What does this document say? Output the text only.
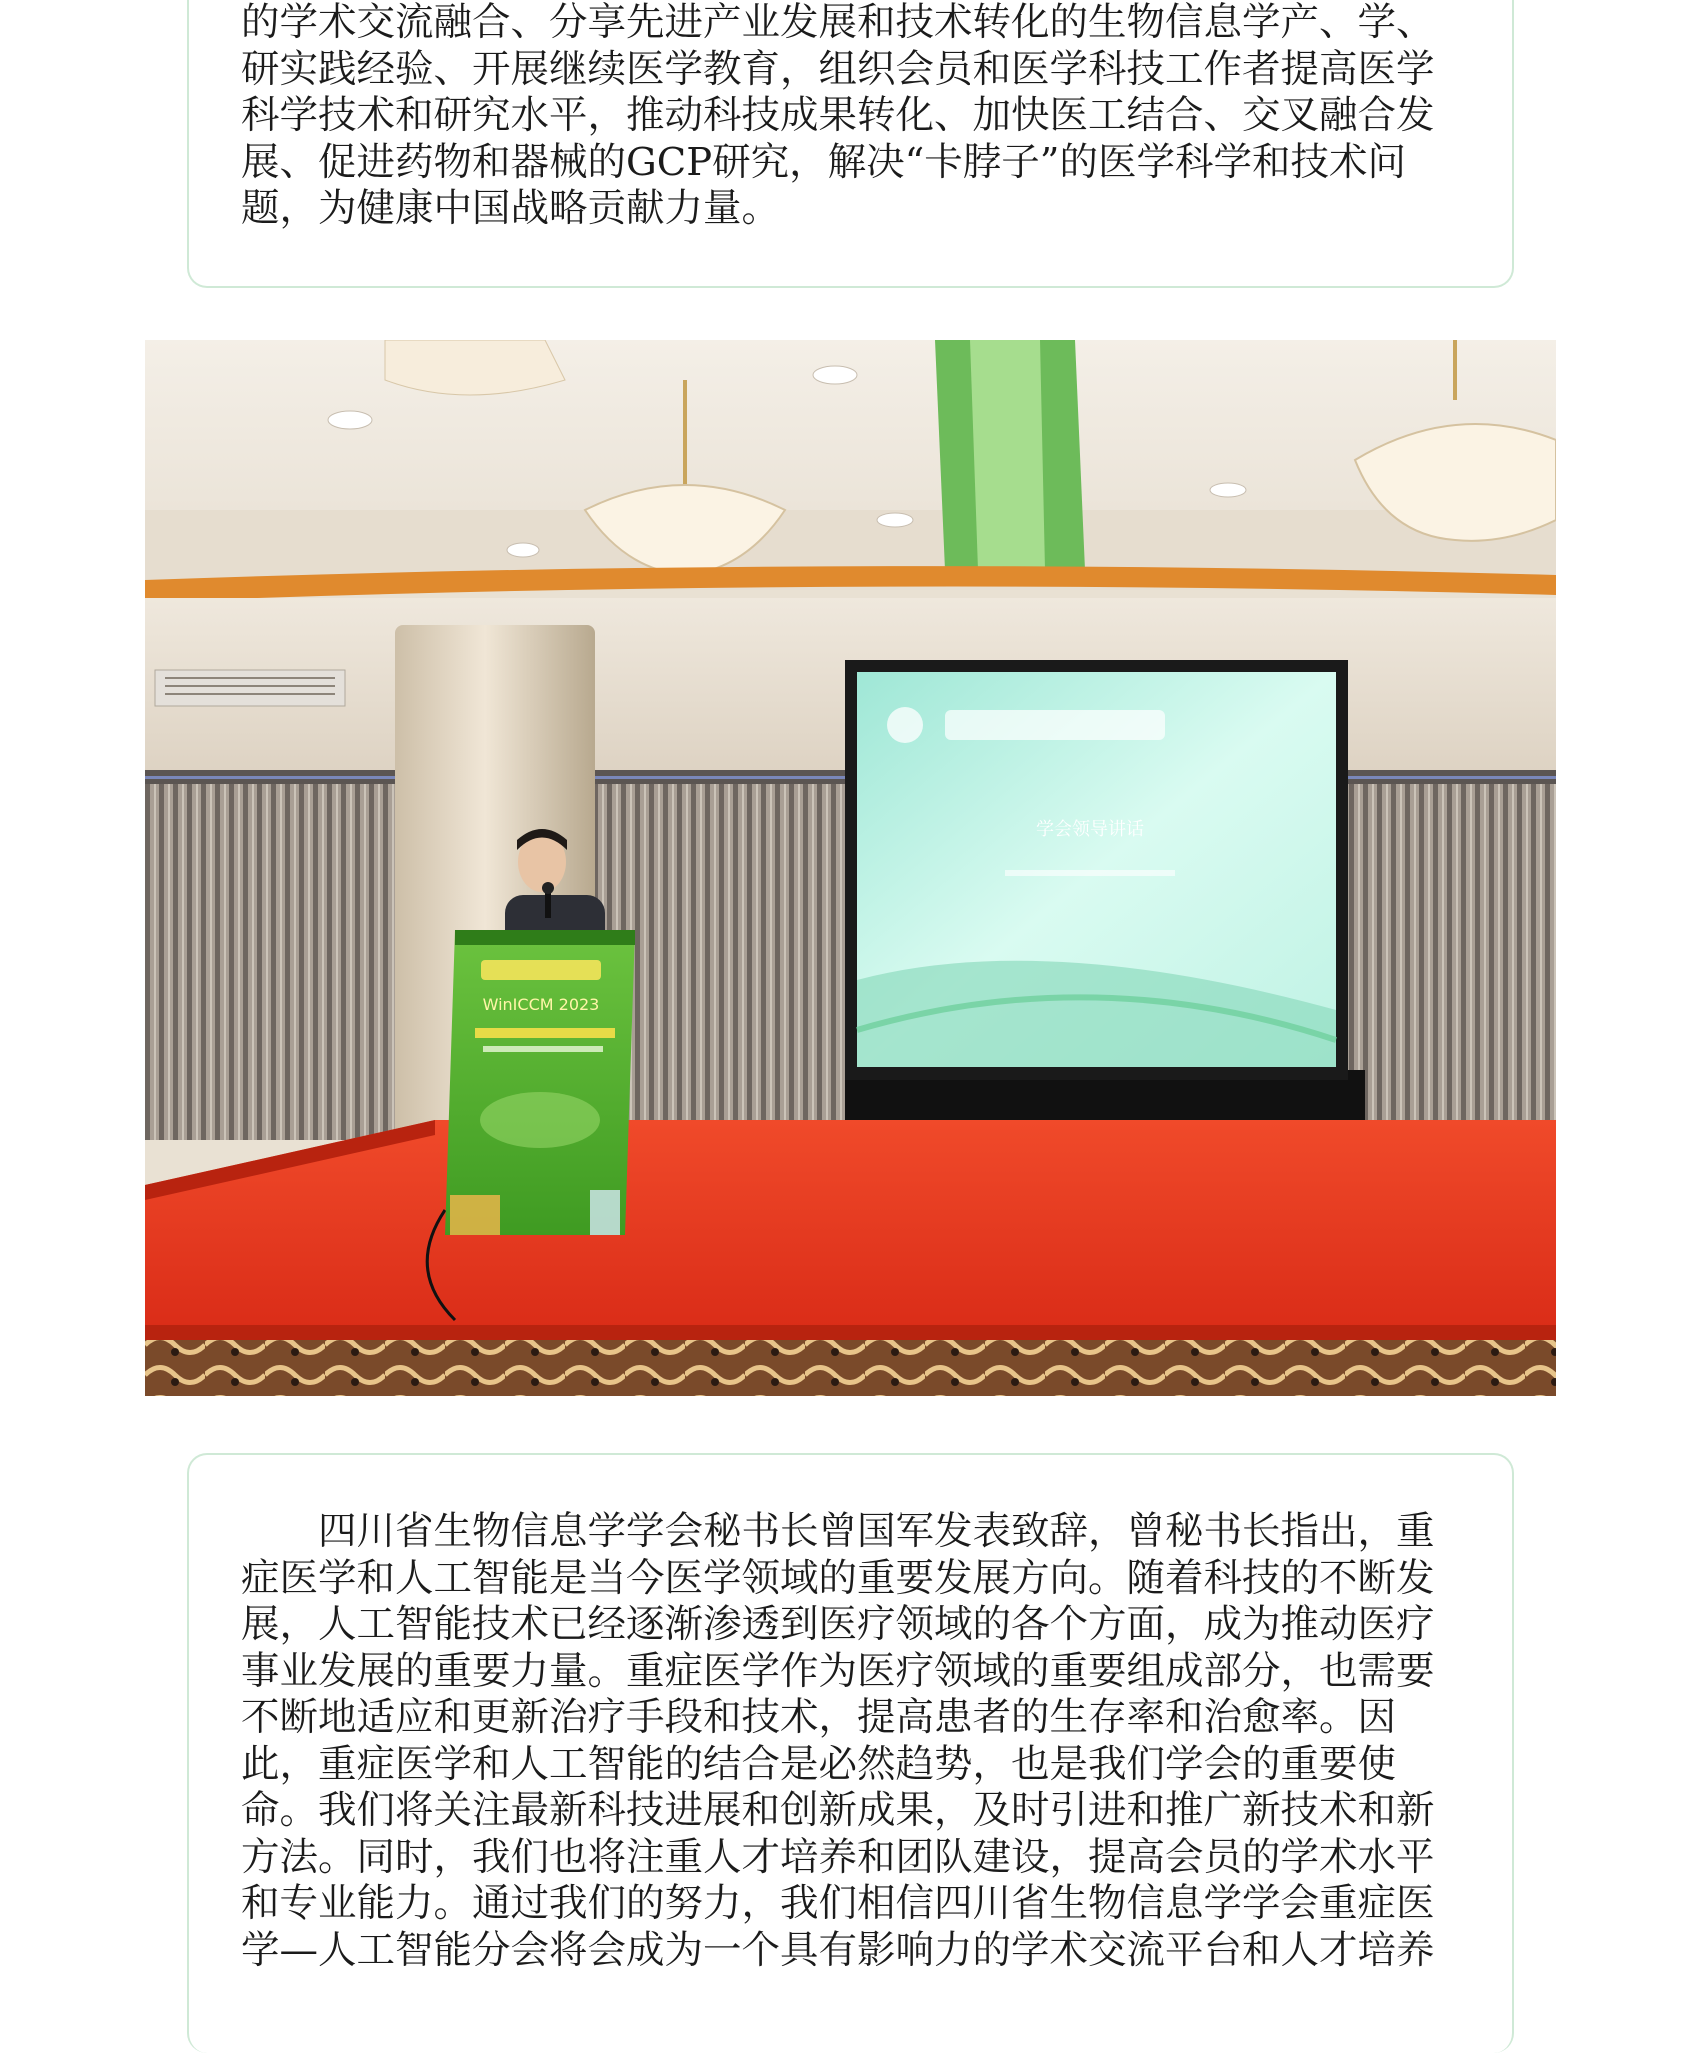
的学术交流融合、分享先进产业发展和技术转化的生物信息学产、学、研实践经验、开展继续医学教育，组织会员和医学科技工作者提高医学科学技术和研究水平，推动科技成果转化、加快医工结合、交叉融合发展、促进药物和器械的GCP研究，解决“卡脖子”的医学科学和技术问题，为健康中国战略贡献力量。

学会领导讲话
WinICCM 2023

四川省生物信息学学会秘书长曾国军发表致辞，曾秘书长指出，重症医学和人工智能是当今医学领域的重要发展方向。随着科技的不断发展，人工智能技术已经逐渐渗透到医疗领域的各个方面，成为推动医疗事业发展的重要力量。重症医学作为医疗领域的重要组成部分，也需要不断地适应和更新治疗手段和技术，提高患者的生存率和治愈率。因此，重症医学和人工智能的结合是必然趋势，也是我们学会的重要使命。我们将关注最新科技进展和创新成果，及时引进和推广新技术和新方法。同时，我们也将注重人才培养和团队建设，提高会员的学术水平和专业能力。通过我们的努力，我们相信四川省生物信息学学会重症医学—人工智能分会将会成为一个具有影响力的学术交流平台和人才培养
